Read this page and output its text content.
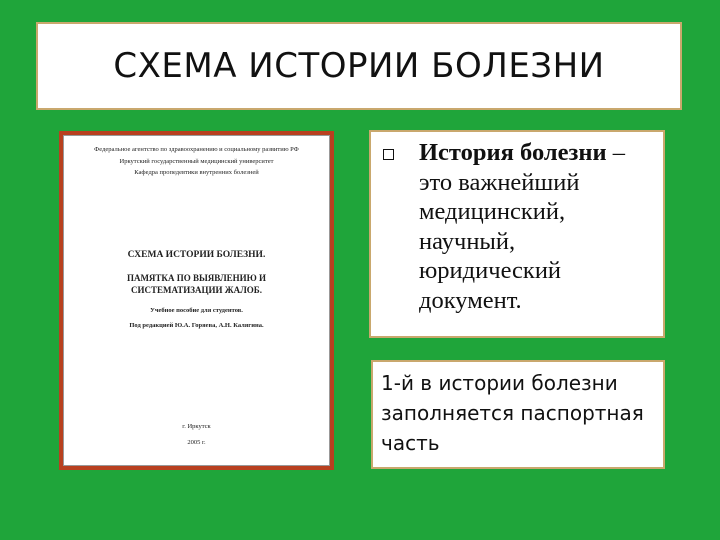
СХЕМА ИСТОРИИ БОЛЕЗНИ
Федеральное агентство по здравоохранению и социальному развитию РФ
Иркутский государственный медицинский университет
Кафедра пропедевтики внутренних болезней
СХЕМА ИСТОРИИ БОЛЕЗНИ.
ПАМЯТКА ПО ВЫЯВЛЕНИЮ И
СИСТЕМАТИЗАЦИИ ЖАЛОБ.
Учебное пособие для студентов.
Под редакцией Ю.А. Горяева, А.Н. Калягина.
г. Иркутск
2005 г.
История болезни – это важнейший медицинский, научный, юридический документ.
1-й в истории болезни заполняется паспортная часть
